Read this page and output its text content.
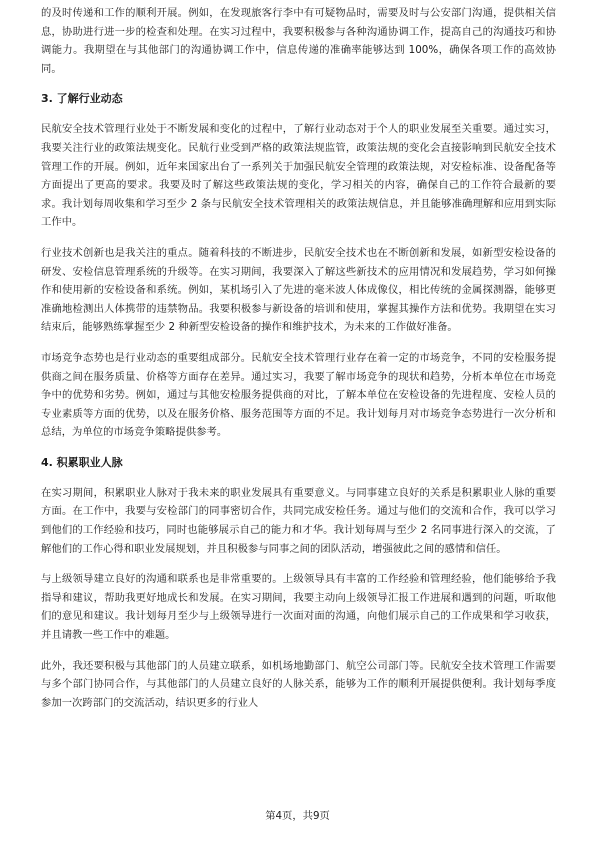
的及时传递和工作的顺利开展。例如，在发现旅客行李中有可疑物品时，需要及时与公安部门沟通，提供相关信息，协助进行进一步的检查和处理。在实习过程中，我要积极参与各种沟通协调工作，提高自己的沟通技巧和协调能力。我期望在与其他部门的沟通协调工作中，信息传递的准确率能够达到 100%，确保各项工作的高效协同。

3. 了解行业动态

民航安全技术管理行业处于不断发展和变化的过程中，了解行业动态对于个人的职业发展至关重要。通过实习，我要关注行业的政策法规变化。民航行业受到严格的政策法规监管，政策法规的变化会直接影响到民航安全技术管理工作的开展。例如，近年来国家出台了一系列关于加强民航安全管理的政策法规，对安检标准、设备配备等方面提出了更高的要求。我要及时了解这些政策法规的变化，学习相关的内容，确保自己的工作符合最新的要求。我计划每周收集和学习至少 2 条与民航安全技术管理相关的政策法规信息，并且能够准确理解和应用到实际工作中。

行业技术创新也是我关注的重点。随着科技的不断进步，民航安全技术也在不断创新和发展，如新型安检设备的研发、安检信息管理系统的升级等。在实习期间，我要深入了解这些新技术的应用情况和发展趋势，学习如何操作和使用新的安检设备和系统。例如，某机场引入了先进的毫米波人体成像仪，相比传统的金属探测器，能够更准确地检测出人体携带的违禁物品。我要积极参与新设备的培训和使用，掌握其操作方法和优势。我期望在实习结束后，能够熟练掌握至少 2 种新型安检设备的操作和维护技术，为未来的工作做好准备。

市场竞争态势也是行业动态的重要组成部分。民航安全技术管理行业存在着一定的市场竞争，不同的安检服务提供商之间在服务质量、价格等方面存在差异。通过实习，我要了解市场竞争的现状和趋势，分析本单位在市场竞争中的优势和劣势。例如，通过与其他安检服务提供商的对比，了解本单位在安检设备的先进程度、安检人员的专业素质等方面的优势，以及在服务价格、服务范围等方面的不足。我计划每月对市场竞争态势进行一次分析和总结，为单位的市场竞争策略提供参考。

4. 积累职业人脉

在实习期间，积累职业人脉对于我未来的职业发展具有重要意义。与同事建立良好的关系是积累职业人脉的重要方面。在工作中，我要与安检部门的同事密切合作，共同完成安检任务。通过与他们的交流和合作，我可以学习到他们的工作经验和技巧，同时也能够展示自己的能力和才华。我计划每周与至少 2 名同事进行深入的交流，了解他们的工作心得和职业发展规划，并且积极参与同事之间的团队活动，增强彼此之间的感情和信任。

与上级领导建立良好的沟通和联系也是非常重要的。上级领导具有丰富的工作经验和管理经验，他们能够给予我指导和建议，帮助我更好地成长和发展。在实习期间，我要主动向上级领导汇报工作进展和遇到的问题，听取他们的意见和建议。我计划每月至少与上级领导进行一次面对面的沟通，向他们展示自己的工作成果和学习收获，并且请教一些工作中的难题。

此外，我还要积极与其他部门的人员建立联系，如机场地勤部门、航空公司部门等。民航安全技术管理工作需要与多个部门协同合作，与其他部门的人员建立良好的人脉关系，能够为工作的顺利开展提供便利。我计划每季度参加一次跨部门的交流活动，结识更多的行业人

第4页，共9页
